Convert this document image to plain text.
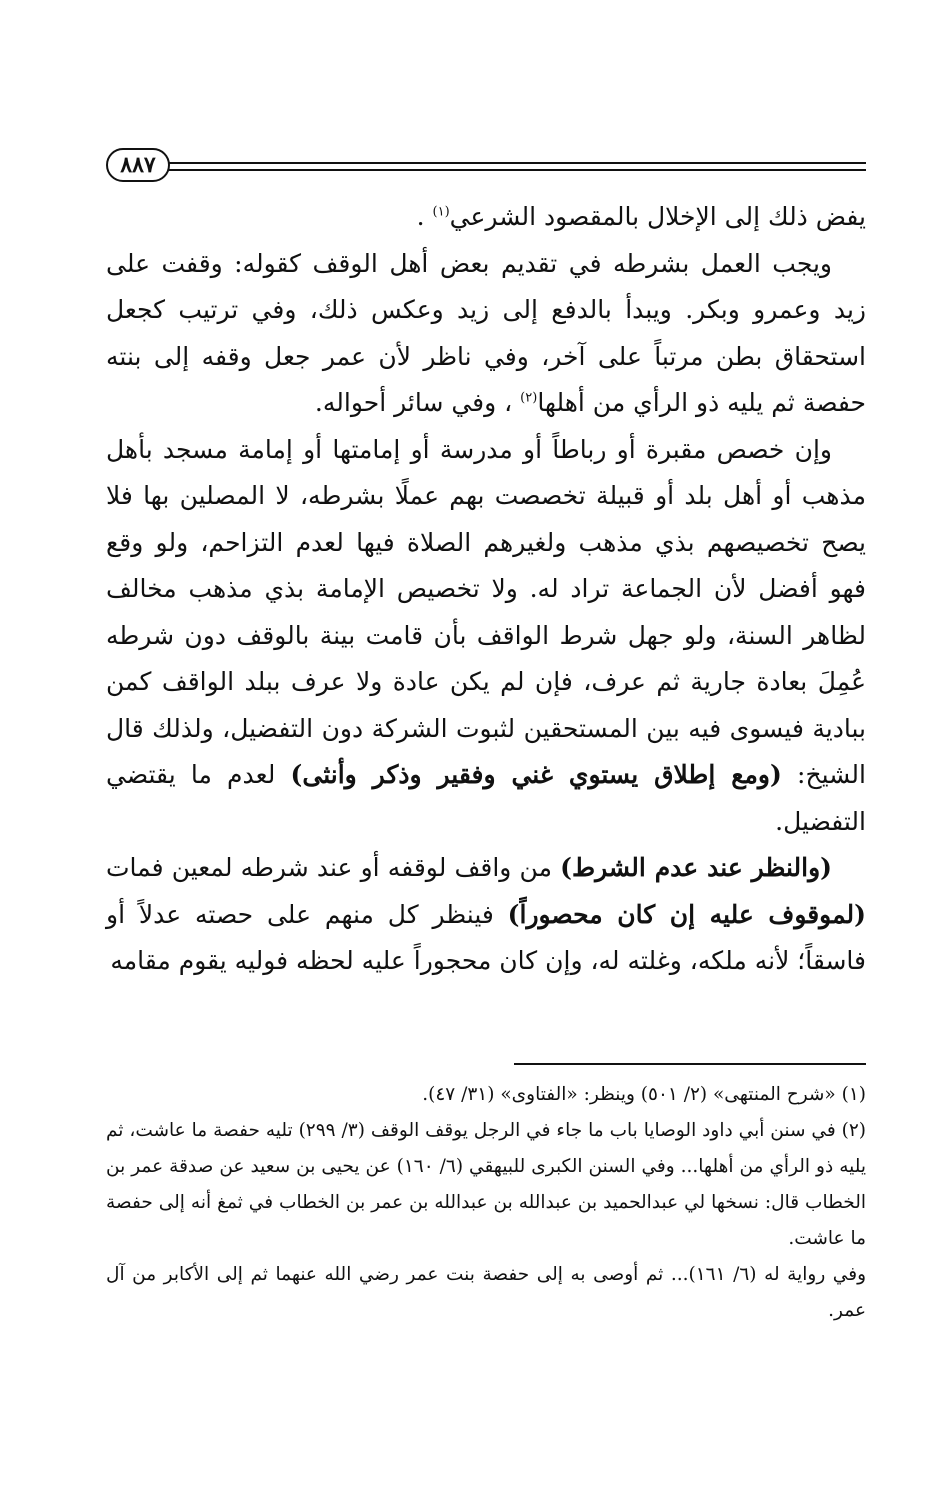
٨٨٧

يفض ذلك إلى الإخلال بالمقصود الشرعي$^{(١)}$ .

ويجب العمل بشرطه في تقديم بعض أهل الوقف كقوله: وقفت على زيد وعمرو وبكر. ويبدأ بالدفع إلى زيد وعكس ذلك، وفي ترتيب كجعل استحقاق بطن مرتباً على آخر، وفي ناظر لأن عمر جعل وقفه إلى بنته حفصة ثم يليه ذو الرأي من أهلها$^{(٢)}$ ، وفي سائر أحواله.

وإن خصص مقبرة أو رباطاً أو مدرسة أو إمامتها أو إمامة مسجد بأهل مذهب أو أهل بلد أو قبيلة تخصصت بهم عملًا بشرطه، لا المصلين بها فلا يصح تخصيصهم بذي مذهب ولغيرهم الصلاة فيها لعدم التزاحم، ولو وقع فهو أفضل لأن الجماعة تراد له. ولا تخصيص الإمامة بذي مذهب مخالف لظاهر السنة، ولو جهل شرط الواقف بأن قامت بينة بالوقف دون شرطه عُمِلَ بعادة جارية ثم عرف، فإن لم يكن عادة ولا عرف ببلد الواقف كمن ببادية فيسوى فيه بين المستحقين لثبوت الشركة دون التفضيل، ولذلك قال الشيخ: (ومع إطلاق يستوي غني وفقير وذكر وأنثى) لعدم ما يقتضي التفضيل.

(والنظر عند عدم الشرط) من واقف لوقفه أو عند شرطه لمعين فمات (لموقوف عليه إن كان محصوراً) فينظر كل منهم على حصته عدلاً أو فاسقاً؛ لأنه ملكه، وغلته له، وإن كان محجوراً عليه لحظه فوليه يقوم مقامه

(١) «شرح المنتهى» (٢/ ٥٠١) وينظر: «الفتاوى» (٣١/ ٤٧).

(٢) في سنن أبي داود الوصايا باب ما جاء في الرجل يوقف الوقف (٣/ ٢٩٩) تليه حفصة ما عاشت، ثم يليه ذو الرأي من أهلها... وفي السنن الكبرى للبيهقي (٦/ ١٦٠) عن يحيى بن سعيد عن صدقة عمر بن الخطاب قال: نسخها لي عبدالحميد بن عبدالله بن عبدالله بن عمر بن الخطاب في ثمغ أنه إلى حفصة ما عاشت.

وفي رواية له (٦/ ١٦١)... ثم أوصى به إلى حفصة بنت عمر رضي الله عنهما ثم إلى الأكابر من آل عمر.
